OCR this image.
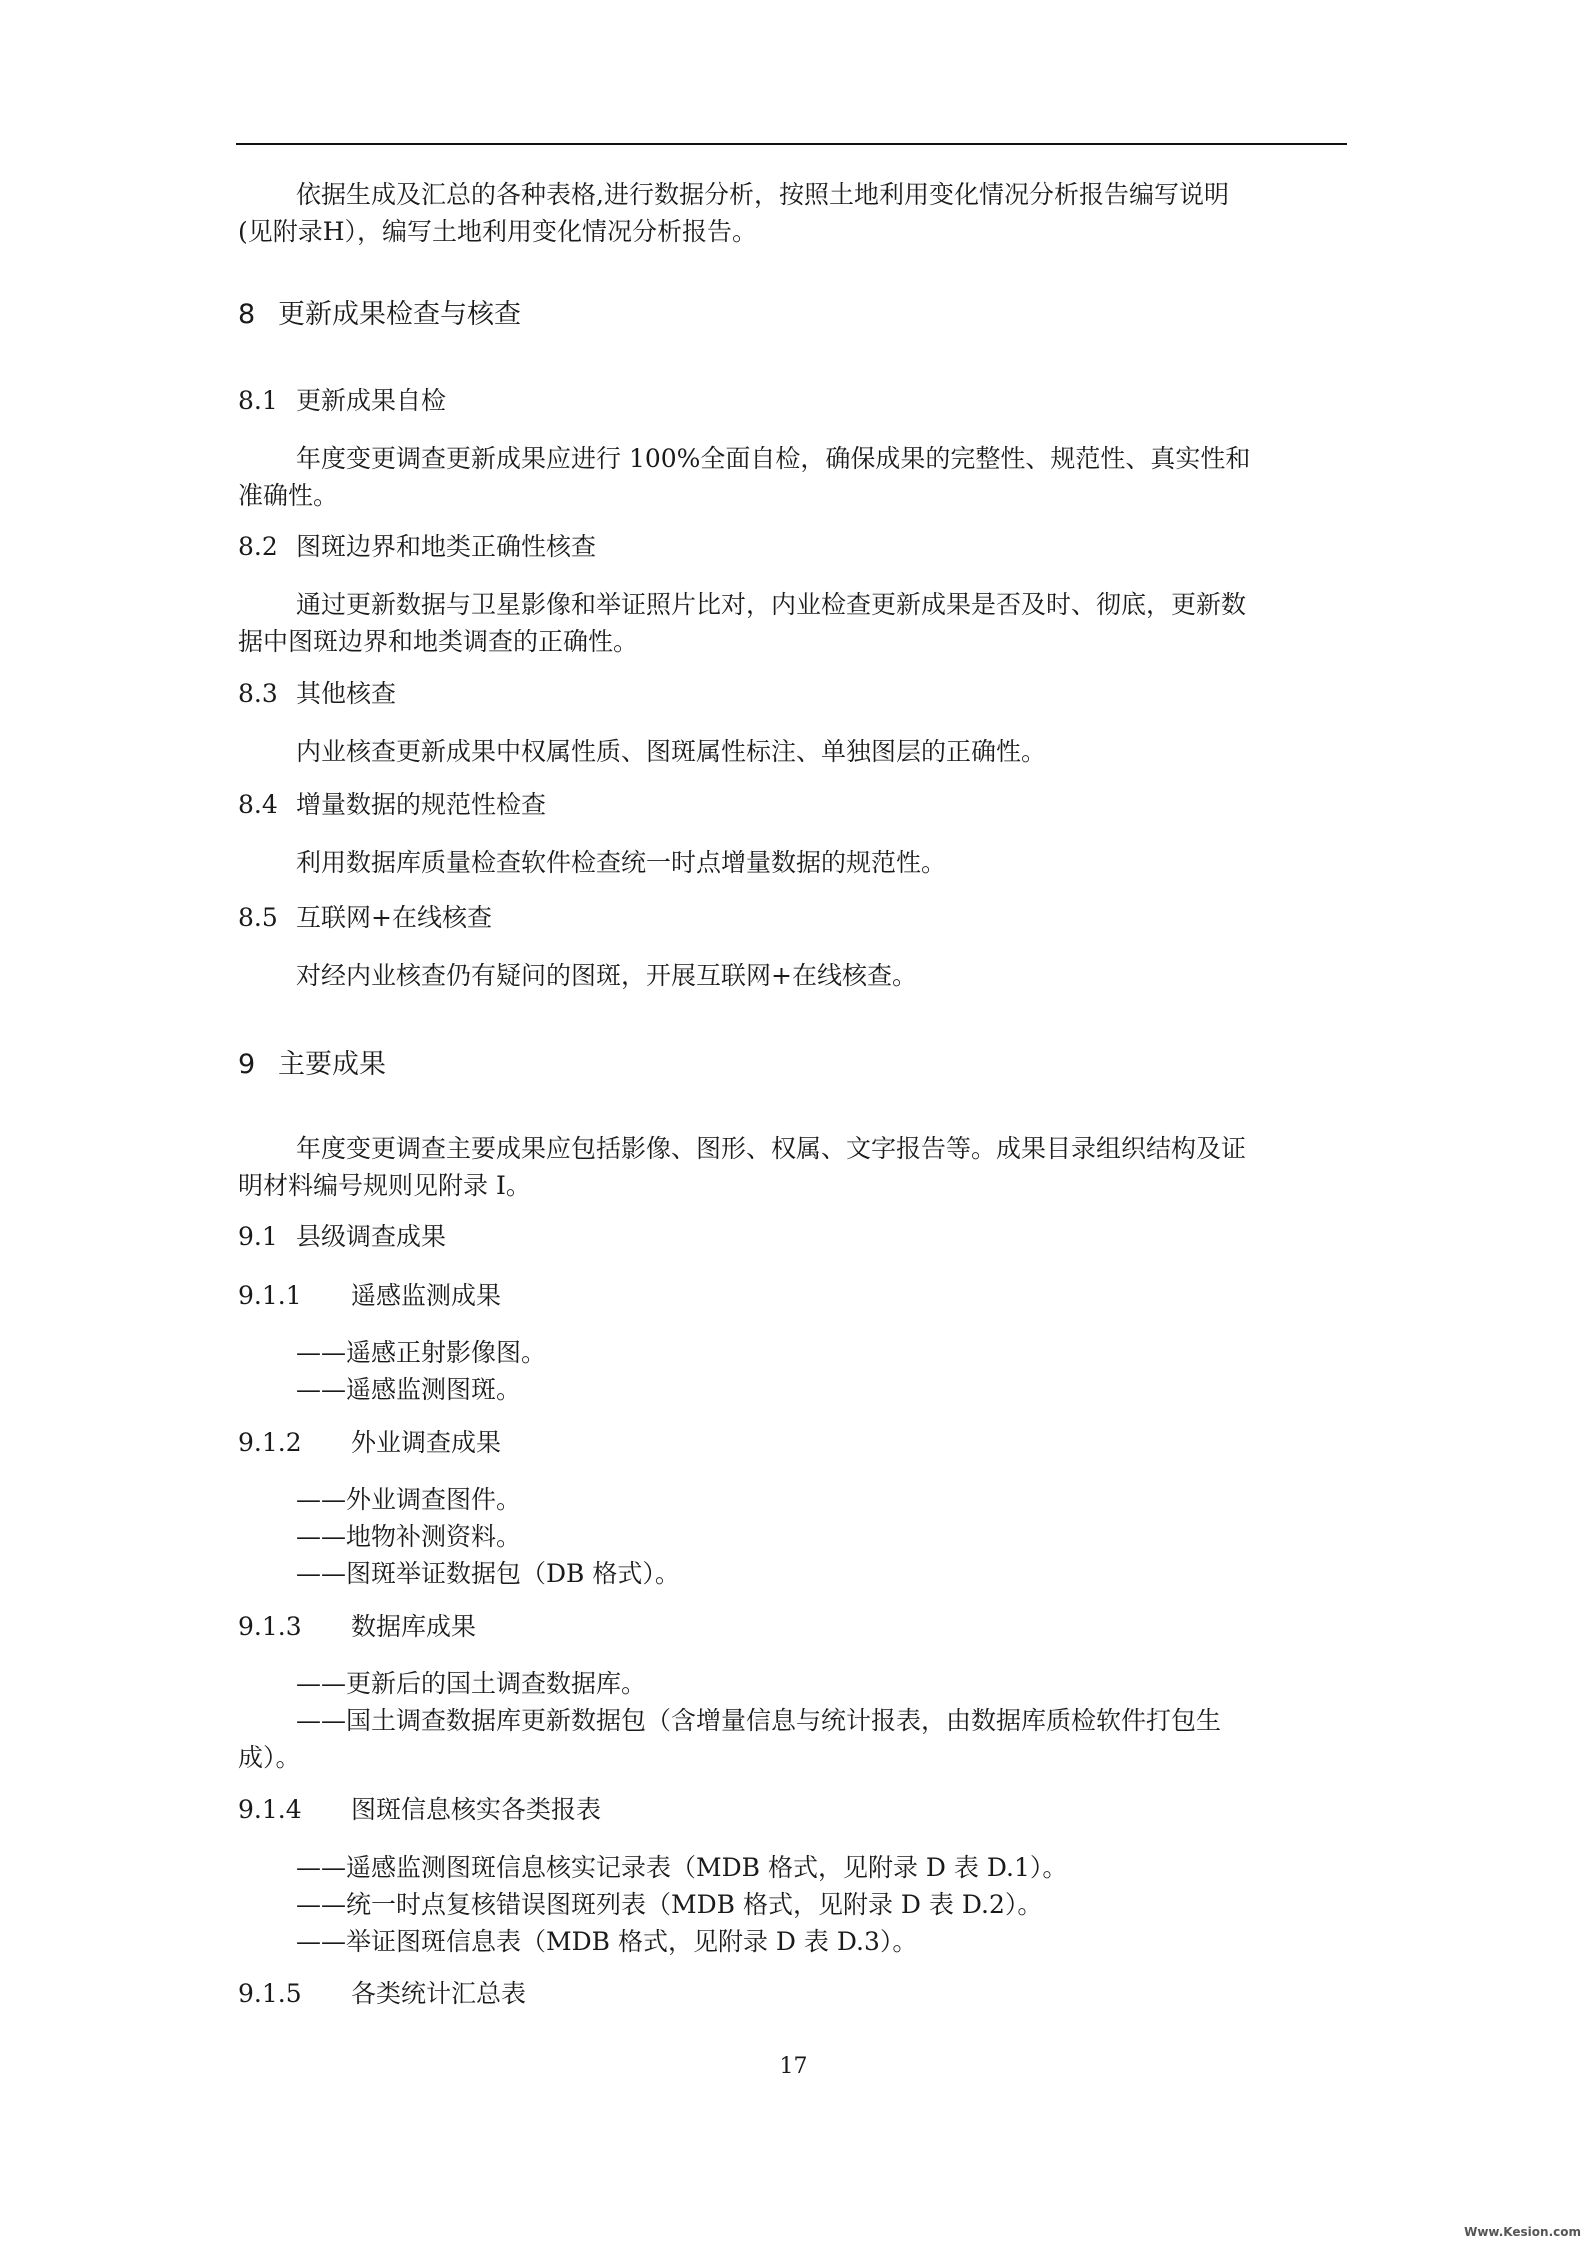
依据生成及汇总的各种表格,进行数据分析，按照土地利用变化情况分析报告编写说明
(见附录H），编写土地利用变化情况分析报告。
8 更新成果检查与核查
8.1 更新成果自检
年度变更调查更新成果应进行 100%全面自检，确保成果的完整性、规范性、真实性和
准确性。
8.2 图斑边界和地类正确性核查
通过更新数据与卫星影像和举证照片比对，内业检查更新成果是否及时、彻底，更新数
据中图斑边界和地类调查的正确性。
8.3 其他核查
内业核查更新成果中权属性质、图斑属性标注、单独图层的正确性。
8.4 增量数据的规范性检查
利用数据库质量检查软件检查统一时点增量数据的规范性。
8.5 互联网+在线核查
对经内业核查仍有疑问的图斑，开展互联网+在线核查。
9 主要成果
年度变更调查主要成果应包括影像、图形、权属、文字报告等。成果目录组织结构及证
明材料编号规则见附录 I。
9.1 县级调查成果
9.1.1 遥感监测成果
——遥感正射影像图。
——遥感监测图斑。
9.1.2 外业调查成果
——外业调查图件。
——地物补测资料。
——图斑举证数据包（DB 格式）。
9.1.3 数据库成果
——更新后的国土调查数据库。
——国土调查数据库更新数据包（含增量信息与统计报表，由数据库质检软件打包生
成）。
9.1.4 图斑信息核实各类报表
——遥感监测图斑信息核实记录表（MDB 格式，见附录 D 表 D.1）。
——统一时点复核错误图斑列表（MDB 格式，见附录 D 表 D.2）。
——举证图斑信息表（MDB 格式，见附录 D 表 D.3）。
9.1.5 各类统计汇总表
17
Www.Kesion.com
